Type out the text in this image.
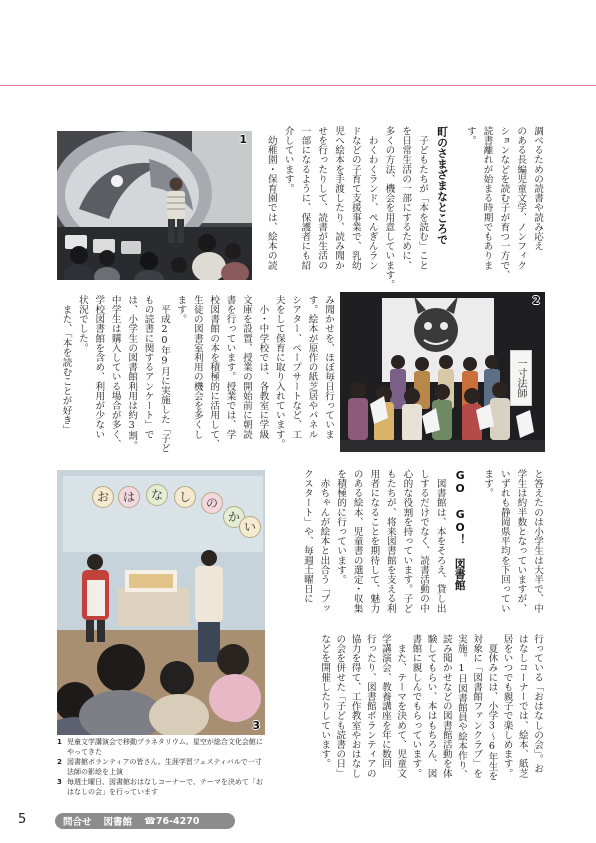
調べるための読書や読み応え
のある長編児童文学、ノンフィク
ションなどを読む子が育つ一方で、
読書離れが始まる時期でもありま
す。
町のさまざまなところで
　子どもたちが「本を読む」こと
を日常生活の一部にするために、
多くの方法、機会を用意しています。
　わくわくランド、ぺんぎんラン
ドなどの子育て支援事業で、乳幼
児へ絵本を手渡したり、読み聞か
せを行ったりして、読書が生活の
一部になるように、保護者にも紹
介しています。
　幼稚園・保育園では、絵本の読
1
み聞かせを、ほぼ毎日行っていま
す。絵本が原作の紙芝居やパネル
シアター、ペープサートなど、工
夫をして保育に取り入れています。
　小・中学校では、各教室に学級
文庫を設置、授業の開始前に朝読
書を行っています。授業では、学
校図書館の本を積極的に活用して、
生徒の図書室利用の機会を多くし
ます。
　平成20年9月に実施した「子ど
もの読書に関するアンケート」で
は、小学生の図書館利用は約3割。
中学生は購入している場合が多く、
学校図書館を含め、利用が少ない
状況でした。
　また、「本を読むことが好き」	一寸法師
2
お	は	な	し	の
か
い
3
と答えたのは小学生は大半で、中
学生は約半数となっていますが、
いずれも静岡県平均を下回ってい
ます。
GO GO！ 図書館
　図書館は、本をそろえ、貸し出
しするだけでなく、読書活動の中
心的な役割を持っています。子ど
もたちが、将来図書館を支える利
用者になることを期待して、魅力
のある絵本、児童書の選定・収集
を積極的に行っています。
　赤ちゃんが絵本と出合う「ブッ
クスタート」や、毎週土曜日に
行っている「おはなしの会」。お
はなしコーナーでは、絵本、紙芝
居をいつでも親子で楽しめます。
　夏休みには、小学3～6年生を
対象に「図書館ファンクラブ」を
実施。1日図書館員や絵本作り、
読み聞かせなどの図書館活動を体
験してもらい、本はもちろん、図
書館に親しんでもらっています。
　また、テーマを決めて、児童文
学講演会、教養講座を年に数回
行ったり、図書館ボランティアの
協力を得て、工作教室やおはなし
の会を併せた「子ども読書の日」
などを開催したりしています。
1 児童文学講演会で移動プラネタリウム。星空が総合文化会館に
やってきた
2 図書館ボランティアの皆さん。生涯学習フェスティバルで一寸
法師の影絵を上演
3 毎週土曜日、図書館おはなしコーナーで、テーマを決めて「お
はなしの会」を行っています
5	問合せ 図書館 ☎76-4270
